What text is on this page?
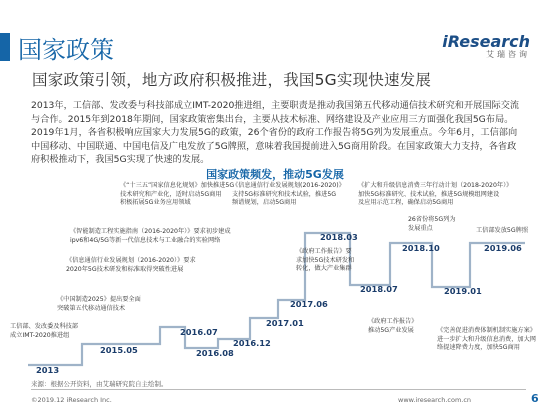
国家政策	iResearch
艾瑞咨询
国家政策引领，地方政府积极推进，我国5G实现快速发展
2013年，工信部、发改委与科技部成立IMT-2020推进组，主要职责是推动我国第五代移动通信技术研究和开展国际交流与合作。2015年到2018年期间，国家政策密集出台，主要从技术标准、网络建设及产业应用三方面强化我国5G布局。2019年1月，各省积极响应国家大力发展5G的政策，26个省份的政府工作报告将5G列为发展重点。今年6月，工信部向中国移动、中国联通、中国电信及广电发放了5G牌照，意味着我国提前进入5G商用阶段。在国家政策大力支持，各省政府积极推动下，我国5G实现了快速的发展。
国家政策频发，推动5G发展
2013
2015.05
2016.07
2016.08
2016.12
2017.01
2017.06
2018.03
2018.07
2018.10
2019.01
2019.06
工信部、发改委及科技部
成立IMT-2020推进组
《中国制造2025》提出要全面
突破第五代移动通信技术
《智能制造工程实施指南（2016-2020年）》要求初步建成
ipv6和4G/5G等新一代信息技术与工业融合的实验网络
《信息通信行业发展规划（2016-2020）》要求
2020年5G技术研发和标准取得突破性进展
《“十三五”国家信息化规划》加快推进5G
技术研究和产业化，适时启动5G商用
积极拓展5G业务应用领域
《信息通信行业发展规划(2016-2020)》
支持5G标准研究和技术试验，推进5G
频谱规划，启动5G商用
《政府工作报告》要
求加快5G技术研发和
转化，做大产业集群
《扩大和升级信息消费三年行动计划（2018-2020年）》
加快5G标准研究、技术试验，推进5G规模组网建设
及应用示范工程，确保启动5G商用
《政府工作报告》
推动5G产业发展
26省份将5G列为
发展重点	工信部发放5G牌照
《完善促进消费体制机制实施方案》
进一步扩大和升级信息消费，加大网
络提速降费力度，加快5G商用
来源：根据公开资料，由艾瑞研究院自主绘制。
©2019.12 iResearch Inc.	www.iresearch.com.cn	6
